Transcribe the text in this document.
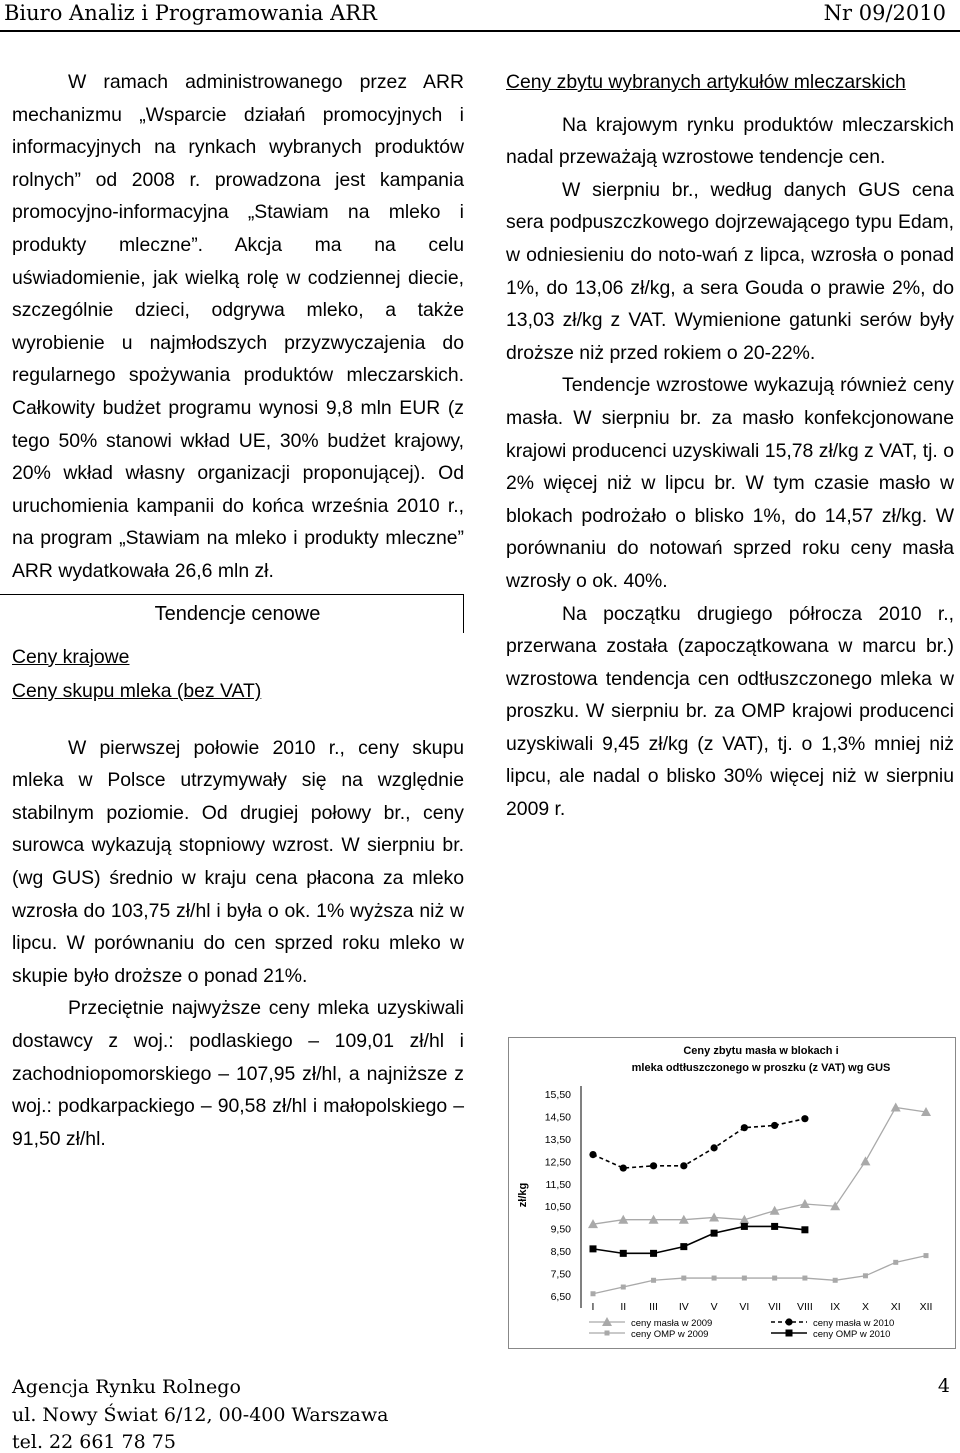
Biuro Analiz i Programowania ARR	Nr 09/2010

W ramach administrowanego przez ARR mechanizmu „Wsparcie działań promocyjnych i informacyjnych na rynkach wybranych produktów rolnych” od 2008 r. prowadzona jest kampania promocyjno-informacyjna „Stawiam na mleko i produkty mleczne”. Akcja ma na celu uświadomienie, jak wielką rolę w codziennej diecie, szczególnie dzieci, odgrywa mleko, a także wyrobienie u najmłodszych przyzwyczajenia do regularnego spożywania produktów mleczarskich. Całkowity budżet programu wynosi 9,8 mln EUR (z tego 50% stanowi wkład UE, 30% budżet krajowy, 20% wkład własny organizacji proponującej). Od uruchomienia kampanii do końca września 2010 r., na program „Stawiam na mleko i produkty mleczne” ARR wydatkowała 26,6 mln zł.

Tendencje cenowe

Ceny krajowe

Ceny skupu mleka (bez VAT)

W pierwszej połowie 2010 r., ceny skupu mleka w Polsce utrzymywały się na względnie stabilnym poziomie. Od drugiej połowy br., ceny surowca wykazują stopniowy wzrost. W sierpniu br. (wg GUS) średnio w kraju cena płacona za mleko wzrosła do 103,75 zł/hl i była o ok. 1% wyższa niż w lipcu. W porównaniu do cen sprzed roku mleko w skupie było droższe o ponad 21%.

Przeciętnie najwyższe ceny mleka uzyskiwali dostawcy z woj.: podlaskiego – 109,01 zł/hl i zachodniopomorskiego – 107,95 zł/hl, a najniższe z woj.: podkarpackiego – 90,58 zł/hl i małopolskiego – 91,50 zł/hl.

Ceny zbytu wybranych artykułów mleczarskich

Na krajowym rynku produktów mleczarskich nadal przeważają wzrostowe tendencje cen.

W sierpniu br., według danych GUS cena sera podpuszczkowego dojrzewającego typu Edam, w odniesieniu do noto-wań z lipca, wzrosła o ponad 1%, do 13,06 zł/kg, a sera Gouda o prawie 2%, do 13,03 zł/kg z VAT. Wymienione gatunki serów były droższe niż przed rokiem o 20-22%.

Tendencje wzrostowe wykazują również ceny masła. W sierpniu br. za masło konfekcjonowane krajowi producenci uzyskiwali 15,78 zł/kg z VAT, tj. o 2% więcej niż w lipcu br. W tym czasie masło w blokach podrożało o blisko 1%, do 14,57 zł/kg. W porównaniu do notowań sprzed roku ceny masła wzrosły o ok. 40%.

Na początku drugiego półrocza 2010 r., przerwana została (zapoczątkowana w marcu br.) wzrostowa tendencja cen odtłuszczonego mleka w proszku. W sierpniu br. za OMP krajowi producenci uzyskiwali 9,45 zł/kg (z VAT), tj. o 1,3% mniej niż lipcu, ale nadal o blisko 30% więcej niż w sierpniu 2009 r.

Ceny zbytu masła w blokach i
mleka odtłuszczonego w proszku (z VAT) wg GUS
zł/kg
15,50
14,50
13,50
12,50
11,50
10,50
9,50
8,50
7,50
6,50
I II III IV V VI VII VIII IX X XI XII
ceny masła w 2009	ceny masła w 2010
ceny OMP w 2009	ceny OMP w 2010
Agencja Rynku Rolnego
ul. Nowy Świat 6/12, 00-400 Warszawa
tel. 22 661 78 75
4
